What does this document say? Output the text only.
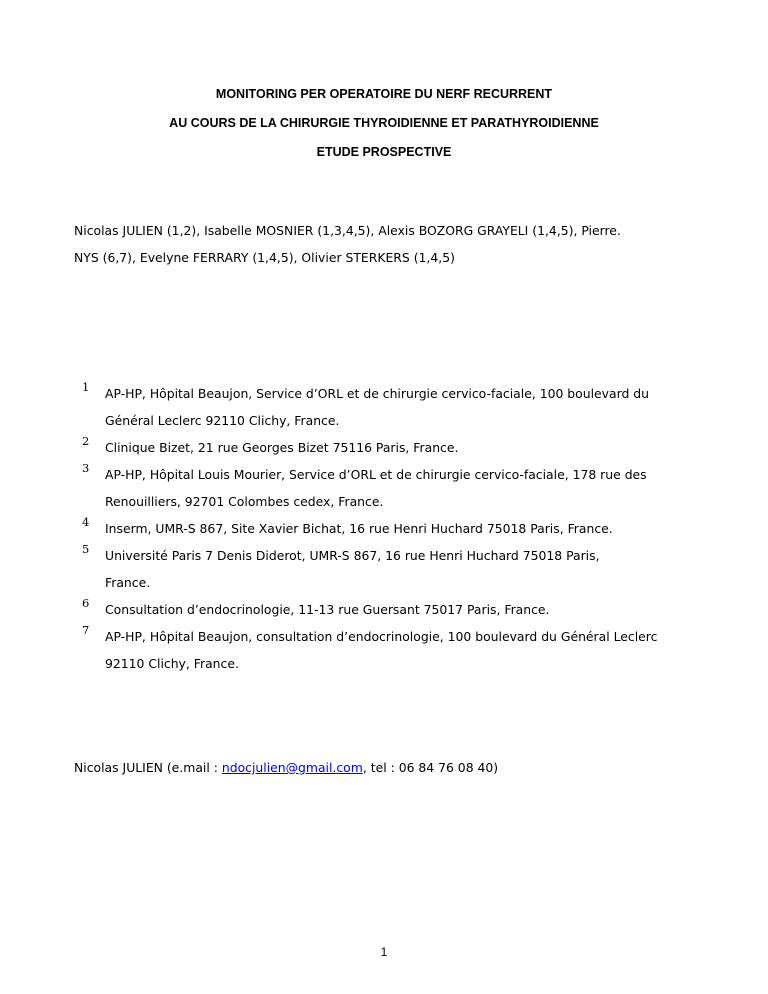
MONITORING PER OPERATOIRE DU NERF RECURRENT
AU COURS DE LA CHIRURGIE THYROIDIENNE ET PARATHYROIDIENNE
ETUDE PROSPECTIVE
Nicolas JULIEN (1,2), Isabelle MOSNIER (1,3,4,5), Alexis BOZORG GRAYELI (1,4,5), Pierre.
NYS (6,7), Evelyne FERRARY (1,4,5), Olivier STERKERS (1,4,5)
1 AP-HP, Hôpital Beaujon, Service d’ORL et de chirurgie cervico-faciale, 100 boulevard du
Général Leclerc 92110 Clichy, France.
2 Clinique Bizet, 21 rue Georges Bizet 75116 Paris, France.
3 AP-HP, Hôpital Louis Mourier, Service d’ORL et de chirurgie cervico-faciale, 178 rue des
Renouilliers, 92701 Colombes cedex, France.
4 Inserm, UMR-S 867, Site Xavier Bichat, 16 rue Henri Huchard 75018 Paris, France.
5 Université Paris 7 Denis Diderot, UMR-S 867, 16 rue Henri Huchard 75018 Paris,
France.
6 Consultation d’endocrinologie, 11-13 rue Guersant 75017 Paris, France.
7 AP-HP, Hôpital Beaujon, consultation d’endocrinologie, 100 boulevard du Général Leclerc
92110 Clichy, France.
Nicolas JULIEN (e.mail : ndocjulien@gmail.com, tel : 06 84 76 08 40)
1
